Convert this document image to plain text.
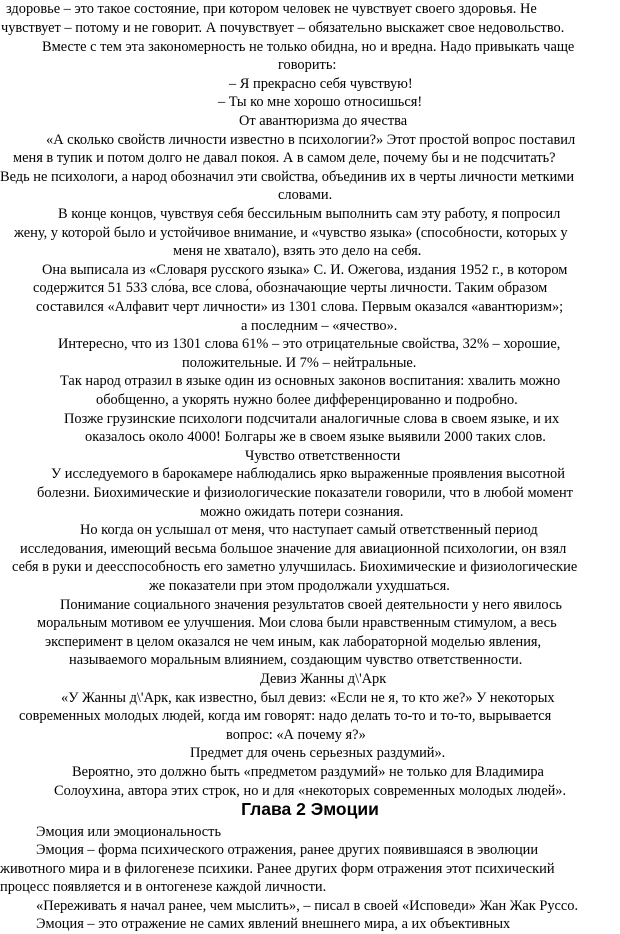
здоровье – это такое состояние, при котором человек не чувствует своего здоровья. Не
чувствует – потому и не говорит. А почувствует – обязательно выскажет свое недовольство.
Вместе с тем эта закономерность не только обидна, но и вредна. Надо привыкать чаще
говорить:
– Я прекрасно себя чувствую!
– Ты ко мне хорошо относишься!
От авантюризма до ячества
«А сколько свойств личности известно в психологии?» Этот простой вопрос поставил
меня в тупик и потом долго не давал покоя. А в самом деле, почему бы и не подсчитать?
Ведь не психологи, а народ обозначил эти свойства, объединив их в черты личности меткими
словами.
В конце концов, чувствуя себя бессильным выполнить сам эту работу, я попросил
жену, у которой было и устойчивое внимание, и «чувство языка» (способности, которых у
меня не хватало), взять это дело на себя.
Она выписала из «Словаря русского языка» С. И. Ожегова, издания 1952 г., в котором
содержится 51 533 сло́ва, все слова́, обозначающие черты личности. Таким образом
составился «Алфавит черт личности» из 1301 слова. Первым оказался «авантюризм»;
а последним – «ячество».
Интересно, что из 1301 слова 61% – это отрицательные свойства, 32% – хорошие,
положительные. И 7% – нейтральные.
Так народ отразил в языке один из основных законов воспитания: хвалить можно
обобщенно, а укорять нужно более дифференцированно и подробно.
Позже грузинские психологи подсчитали аналогичные слова в своем языке, и их
оказалось около 4000! Болгары же в своем языке выявили 2000 таких слов.
Чувство ответственности
У исследуемого в барокамере наблюдались ярко выраженные проявления высотной
болезни. Биохимические и физиологические показатели говорили, что в любой момент
можно ожидать потери сознания.
Но когда он услышал от меня, что наступает самый ответственный период
исследования, имеющий весьма большое значение для авиационной психологии, он взял
себя в руки и деесспособность его заметно улучшилась. Биохимические и физиологические
же показатели при этом продолжали ухудшаться.
Понимание социального значения результатов своей деятельности у него явилось
моральным мотивом ее улучшения. Мои слова были нравственным стимулом, а весь
эксперимент в целом оказался не чем иным, как лабораторной моделью явления,
называемого моральным влиянием, создающим чувство ответственности.
Девиз Жанны д\'Арк
«У Жанны д\'Арк, как известно, был девиз: «Если не я, то кто же?» У некоторых
современных молодых людей, когда им говорят: надо делать то-то и то-то, вырывается
вопрос: «А почему я?»
Предмет для очень серьезных раздумий».
Вероятно, это должно быть «предметом раздумий» не только для Владимира
Солоухина, автора этих строк, но и для «некоторых современных молодых людей».
Глава 2 Эмоции
Эмоция или эмоциональность
Эмоция – форма психического отражения, ранее других появившаяся в эволюции
животного мира и в филогенезе психики. Ранее других форм отражения этот психический
процесс появляется и в онтогенезе каждой личности.
«Переживать я начал ранее, чем мыслить», – писал в своей «Исповеди» Жан Жак Руссо.
Эмоция – это отражение не самих явлений внешнего мира, а их объективных
